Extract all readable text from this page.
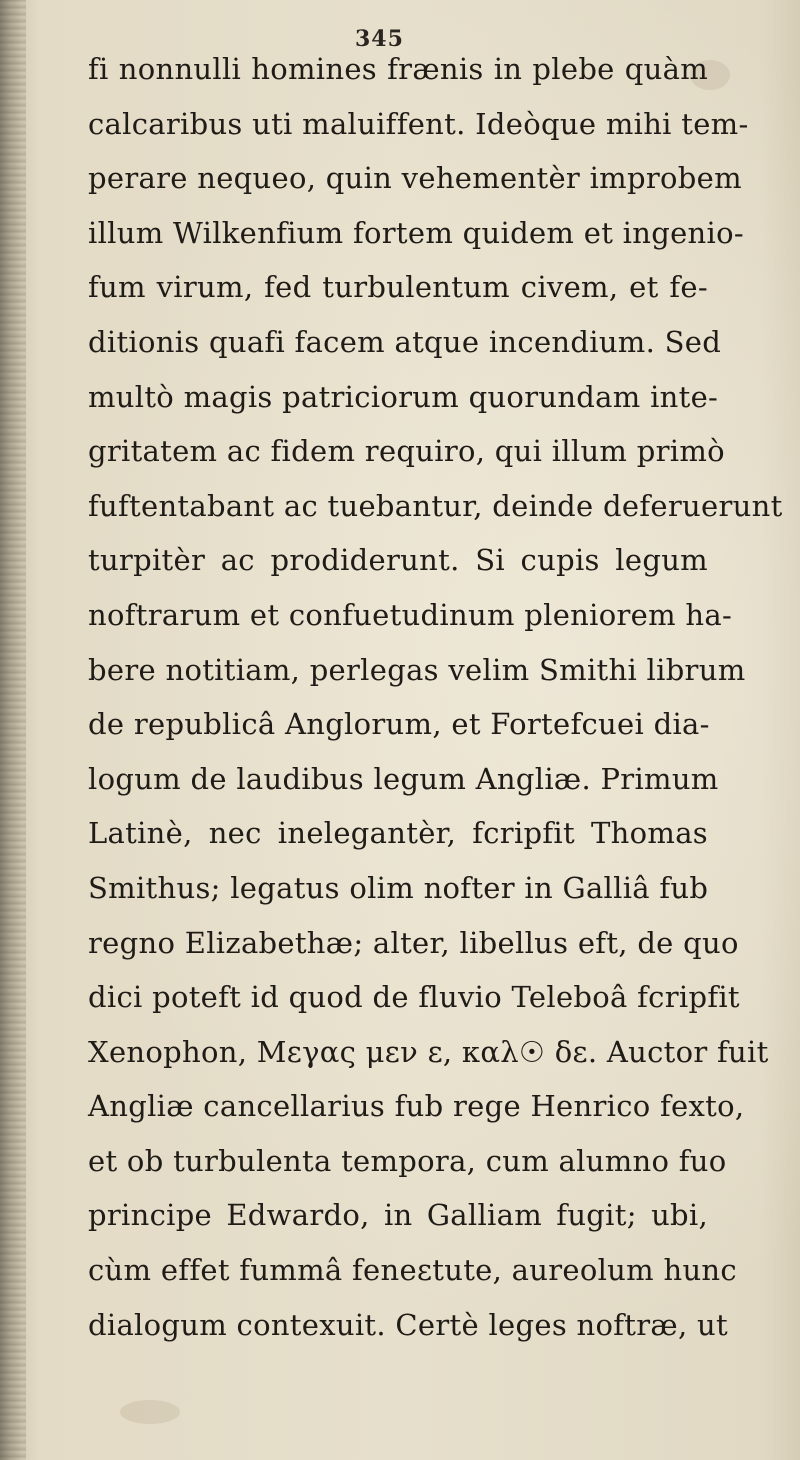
345
fi nonnulli homines frænis in plebe quàm
calcaribus uti maluiffent. Ideòque mihi tem-
perare nequeo, quin vehementèr improbem
illum Wilkenfium fortem quidem et ingenio-
fum virum, fed turbulentum civem, et fe-
ditionis quafi facem atque incendium. Sed
multò magis patriciorum quorundam inte-
gritatem ac fidem requiro, qui illum primò
fuftentabant ac tuebantur, deinde deferuerunt
turpitèr ac prodiderunt. Si cupis legum
noftrarum et confuetudinum pleniorem ha-
bere notitiam, perlegas velim Smithi librum
de republicâ Anglorum, et Fortefcuei dia-
logum de laudibus legum Angliæ. Primum
Latinè, nec inelegantèr, fcripfit Thomas
Smithus; legatus olim nofter in Galliâ fub
regno Elizabethæ; alter, libellus eft, de quo
dici poteft id quod de fluvio Teleboâ fcripfit
Xenophon, Μεγας μεν ε, καλ☉ δε. Auctor fuit
Angliæ cancellarius fub rege Henrico fexto,
et ob turbulenta tempora, cum alumno fuo
principe Edwardo, in Galliam fugit; ubi,
cùm effet fummâ feneɛtute, aureolum hunc
dialogum contexuit. Certè leges noftræ, ut
